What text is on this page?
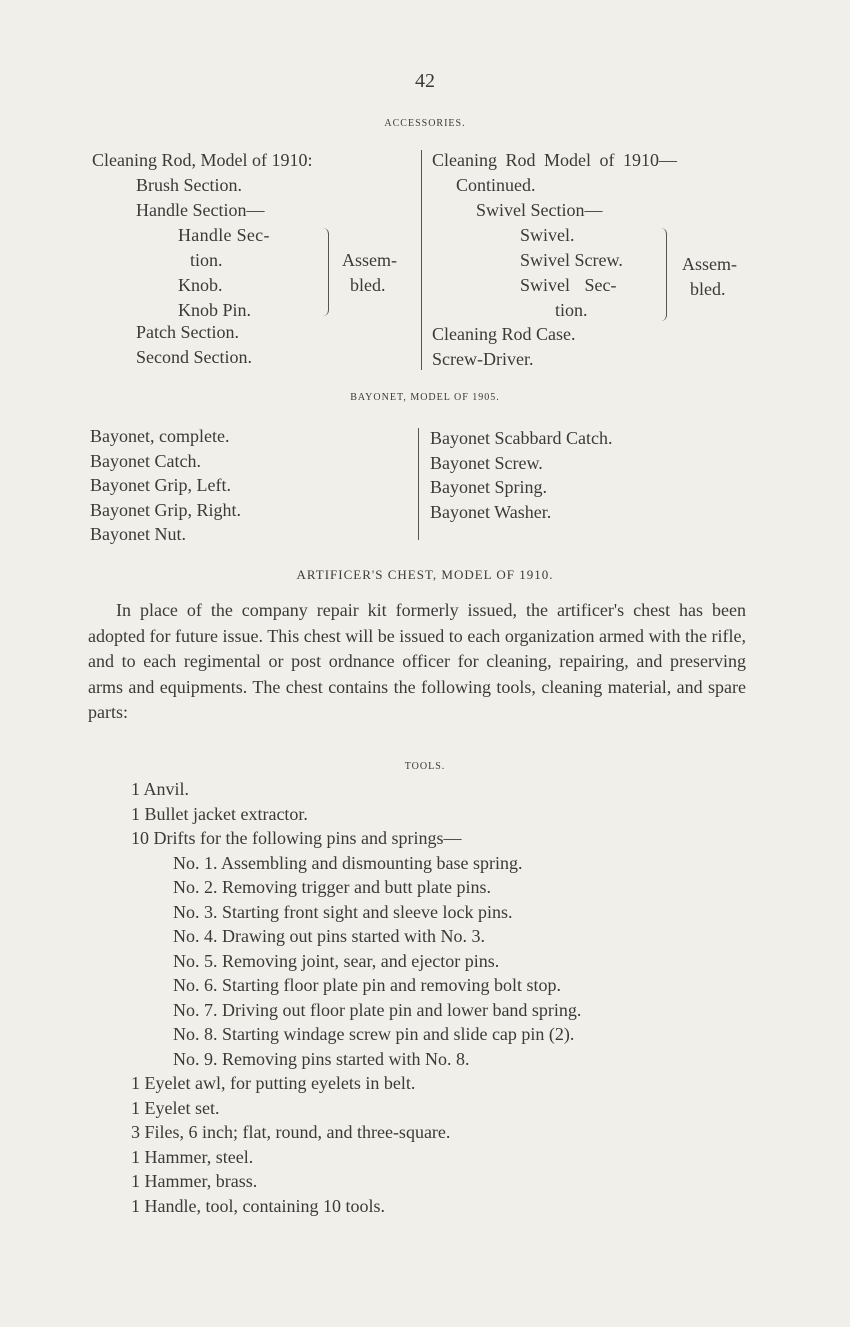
42
ACCESSORIES.
Cleaning Rod, Model of 1910:
Brush Section.
Handle Section—
Handle Sec-
tion.
Knob.
Knob Pin.
Assem-
bled.
Patch Section.
Second Section.
Cleaning Rod Model of 1910—
Continued.
Swivel Section—
Swivel.
Swivel Screw.
Swivel Sec-
tion.
Assem-
bled.
Cleaning Rod Case.
Screw-Driver.
BAYONET, MODEL OF 1905.
Bayonet, complete.
Bayonet Catch.
Bayonet Grip, Left.
Bayonet Grip, Right.
Bayonet Nut.
Bayonet Scabbard Catch.
Bayonet Screw.
Bayonet Spring.
Bayonet Washer.
ARTIFICER'S CHEST, MODEL OF 1910.

In place of the company repair kit formerly issued, the artificer's chest has been adopted for future issue. This chest will be issued to each organization armed with the rifle, and to each regimental or post ordnance officer for cleaning, repairing, and preserving arms and equipments. The chest contains the following tools, cleaning material, and spare parts:

TOOLS.
1 Anvil.
1 Bullet jacket extractor.
10 Drifts for the following pins and springs—
No. 1. Assembling and dismounting base spring.
No. 2. Removing trigger and butt plate pins.
No. 3. Starting front sight and sleeve lock pins.
No. 4. Drawing out pins started with No. 3.
No. 5. Removing joint, sear, and ejector pins.
No. 6. Starting floor plate pin and removing bolt stop.
No. 7. Driving out floor plate pin and lower band spring.
No. 8. Starting windage screw pin and slide cap pin (2).
No. 9. Removing pins started with No. 8.
1 Eyelet awl, for putting eyelets in belt.
1 Eyelet set.
3 Files, 6 inch; flat, round, and three-square.
1 Hammer, steel.
1 Hammer, brass.
1 Handle, tool, containing 10 tools.
